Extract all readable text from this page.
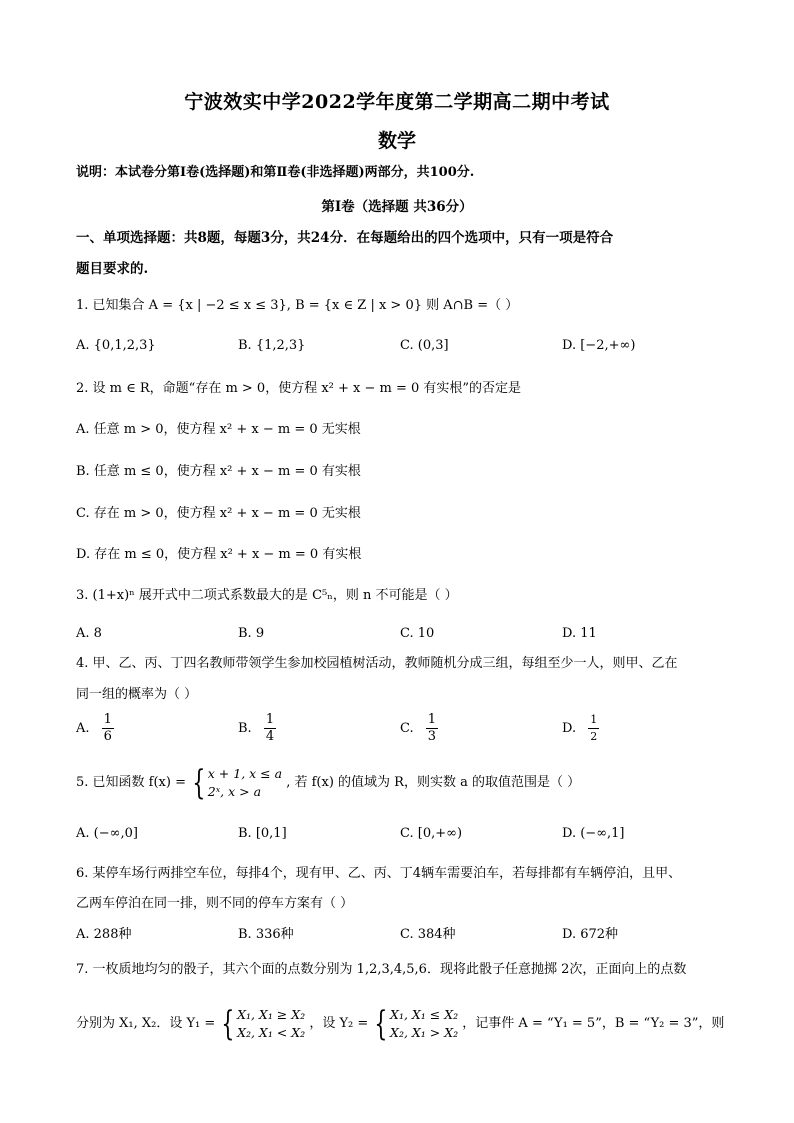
宁波效实中学2022学年度第二学期高二期中考试
数学
说明：本试卷分第Ⅰ卷(选择题)和第Ⅱ卷(非选择题)两部分，共100分.
第Ⅰ卷（选择题 共36分）
一、单项选择题：共8题，每题3分，共24分．在每题给出的四个选项中，只有一项是符合
题目要求的.
1. 已知集合 A = {x | −2 ≤ x ≤ 3}, B = {x ∈ Z | x > 0} 则 A∩B =（ ）
A. {0,1,2,3}	B. {1,2,3}	C. (0,3]	D. [−2,+∞)
2. 设 m ∈ R，命题“存在 m > 0，使方程 x² + x − m = 0 有实根”的否定是
A. 任意 m > 0，使方程 x² + x − m = 0 无实根
B. 任意 m ≤ 0，使方程 x² + x − m = 0 有实根
C. 存在 m > 0，使方程 x² + x − m = 0 无实根
D. 存在 m ≤ 0，使方程 x² + x − m = 0 有实根
3. (1+x)ⁿ 展开式中二项式系数最大的是 C⁵ₙ，则 n 不可能是（ ）
A. 8	B. 9	C. 10	D. 11
4. 甲、乙、丙、丁四名教师带领学生参加校园植树活动，教师随机分成三组，每组至少一人，则甲、乙在
同一组的概率为（ ）
A. $\frac{1}{6}$	B. $\frac{1}{4}$	C. $\frac{1}{3}$	D. $\frac{1}{2}$
5. 已知函数 f(x) = { x + 1, x ≤ a
2ˣ, x > a
, 若 f(x) 的值域为 R，则实数 a 的取值范围是（ ）
A. (−∞,0]	B. [0,1]	C. [0,+∞)	D. (−∞,1]
6. 某停车场行两排空车位，每排4个，现有甲、乙、丙、丁4辆车需要泊车，若每排都有车辆停泊，且甲、
乙两车停泊在同一排，则不同的停车方案有（ ）
A. 288种	B. 336种	C. 384种	D. 672种
7. 一枚质地均匀的骰子，其六个面的点数分别为 1,2,3,4,5,6．现将此骰子任意抛掷 2次，正面向上的点数
分别为 X₁, X₂．设 Y₁ = { X₁, X₁ ≥ X₂
X₂, X₁ < X₂
，设 Y₂ = { X₁, X₁ ≤ X₂
X₂, X₁ > X₂
，记事件 A = “Y₁ = 5”，B = “Y₂ = 3”，则
